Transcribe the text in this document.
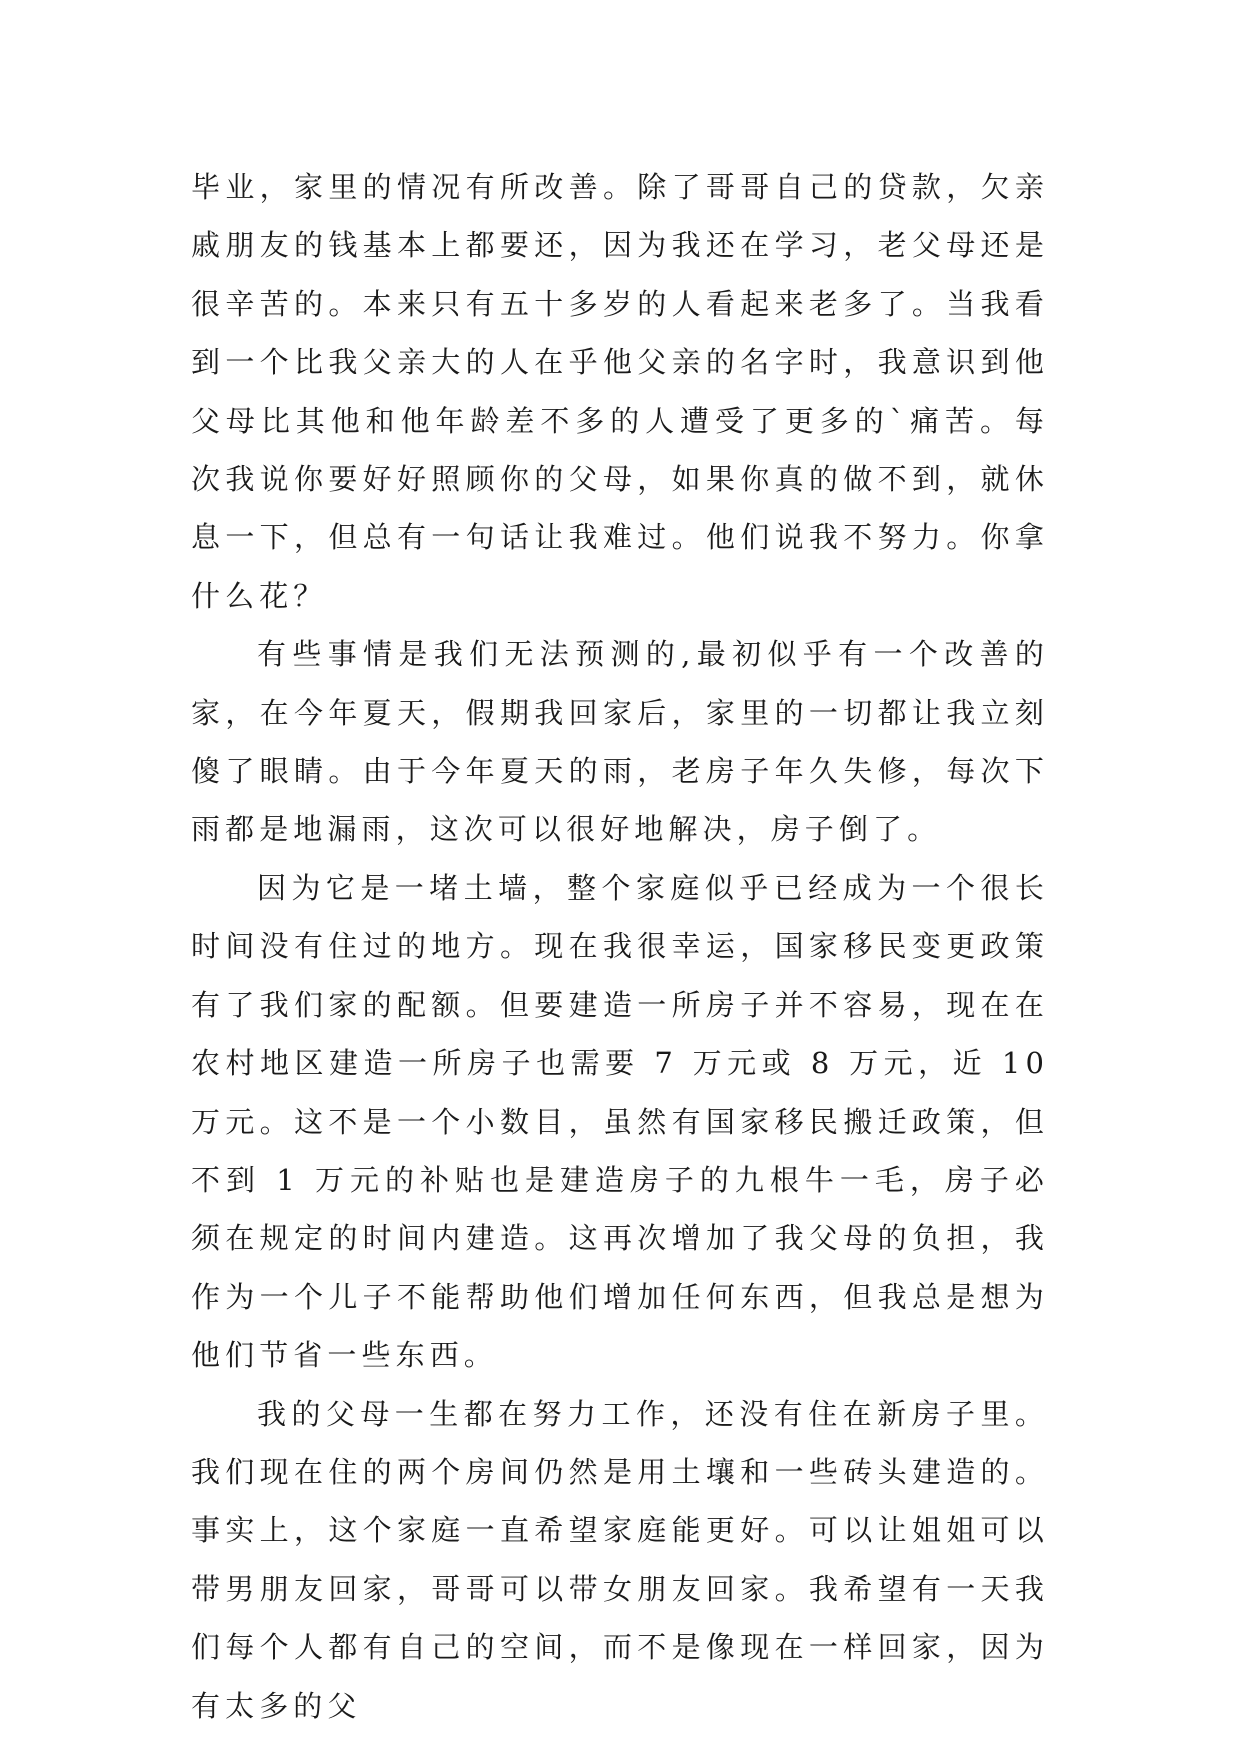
毕业，家里的情况有所改善。除了哥哥自己的贷款，欠亲戚朋友的钱基本上都要还，因为我还在学习，老父母还是很辛苦的。本来只有五十多岁的人看起来老多了。当我看到一个比我父亲大的人在乎他父亲的名字时，我意识到他父母比其他和他年龄差不多的人遭受了更多的`痛苦。每次我说你要好好照顾你的父母，如果你真的做不到，就休息一下，但总有一句话让我难过。他们说我不努力。你拿什么花？

有些事情是我们无法预测的,最初似乎有一个改善的家，在今年夏天，假期我回家后，家里的一切都让我立刻傻了眼睛。由于今年夏天的雨，老房子年久失修，每次下雨都是地漏雨，这次可以很好地解决，房子倒了。

因为它是一堵土墙，整个家庭似乎已经成为一个很长时间没有住过的地方。现在我很幸运，国家移民变更政策有了我们家的配额。但要建造一所房子并不容易，现在在农村地区建造一所房子也需要 7 万元或 8 万元，近 10 万元。这不是一个小数目，虽然有国家移民搬迁政策，但不到 1 万元的补贴也是建造房子的九根牛一毛，房子必须在规定的时间内建造。这再次增加了我父母的负担，我作为一个儿子不能帮助他们增加任何东西，但我总是想为他们节省一些东西。

我的父母一生都在努力工作，还没有住在新房子里。我们现在住的两个房间仍然是用土壤和一些砖头建造的。事实上，这个家庭一直希望家庭能更好。可以让姐姐可以带男朋友回家，哥哥可以带女朋友回家。我希望有一天我们每个人都有自己的空间，而不是像现在一样回家，因为有太多的父
